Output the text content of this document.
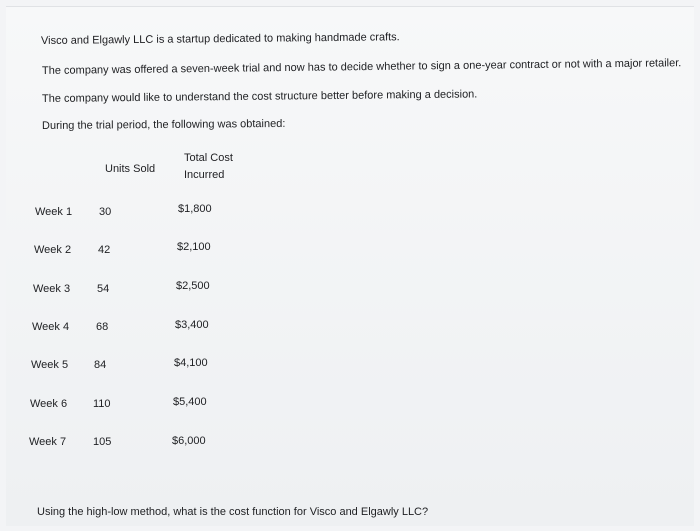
Visco and Elgawly LLC is a startup dedicated to making handmade crafts.
The company was offered a seven-week trial and now has to decide whether to sign a one-year contract or not with a major retailer.
The company would like to understand the cost structure better before making a decision.
During the trial period, the following was obtained:
Units Sold
Total Cost
Incurred
Week 1 30	$1,800
Week 2 42	$2,100
Week 3 54	$2,500
Week 4 68	$3,400
Week 5 84	$4,100
Week 6 110	$5,400
Week 7 105	$6,000
Using the high-low method, what is the cost function for Visco and Elgawly LLC?
